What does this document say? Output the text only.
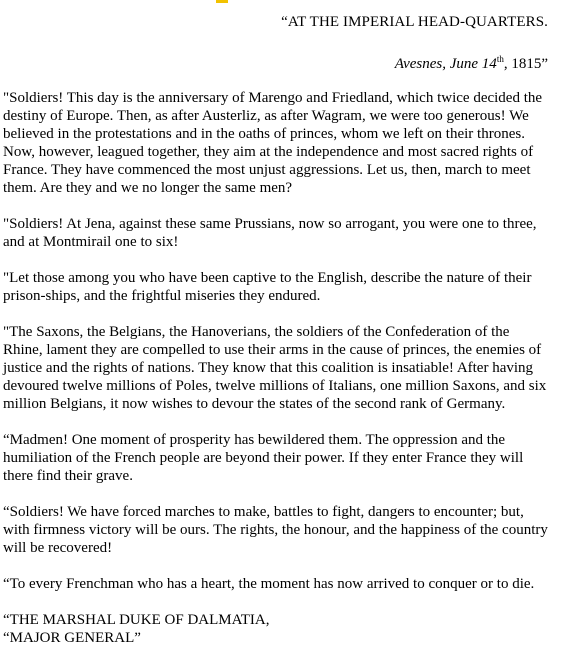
“AT THE IMPERIAL HEAD-QUARTERS.

Avesnes, June 14th, 1815”

"Soldiers! This day is the anniversary of Marengo and Friedland, which twice decided the destiny of Europe. Then, as after Austerliz, as after Wagram, we were too generous! We believed in the protestations and in the oaths of princes, whom we left on their thrones. Now, however, leagued together, they aim at the independence and most sacred rights of France. They have commenced the most unjust aggressions. Let us, then, march to meet them. Are they and we no longer the same men?

"Soldiers! At Jena, against these same Prussians, now so arrogant, you were one to three, and at Montmirail one to six!

"Let those among you who have been captive to the English, describe the nature of their prison-ships, and the frightful miseries they endured.

"The Saxons, the Belgians, the Hanoverians, the soldiers of the Confederation of the Rhine, lament they are compelled to use their arms in the cause of princes, the enemies of justice and the rights of nations. They know that this coalition is insatiable! After having devoured twelve millions of Poles, twelve millions of Italians, one million Saxons, and six million Belgians, it now wishes to devour the states of the second rank of Germany.

“Madmen! One moment of prosperity has bewildered them. The oppression and the humiliation of the French people are beyond their power. If they enter France they will there find their grave.

“Soldiers! We have forced marches to make, battles to fight, dangers to encounter; but, with firmness victory will be ours. The rights, the honour, and the happiness of the country will be recovered!

“To every Frenchman who has a heart, the moment has now arrived to conquer or to die.

“THE MARSHAL DUKE OF DALMATIA,
“MAJOR GENERAL”
